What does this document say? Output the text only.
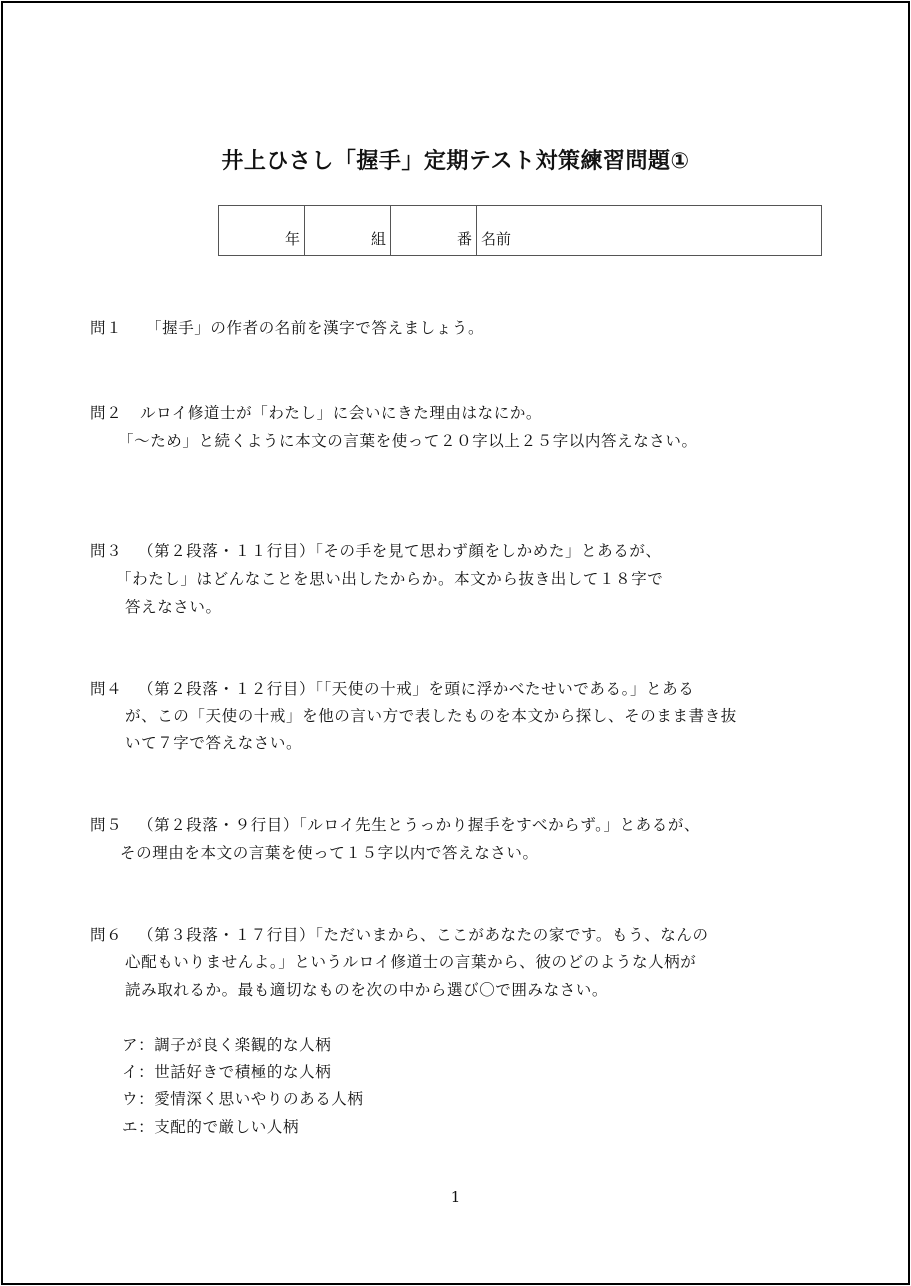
井上ひさし「握手」定期テスト対策練習問題①
年	組	番	名前
問１ 「握手」の作者の名前を漢字で答えましょう。
問２ ルロイ修道士が「わたし」に会いにきた理由はなにか。
「～ため」と続くように本文の言葉を使って２０字以上２５字以内答えなさい。
問３ （第２段落・１１行目）「その手を見て思わず顔をしかめた」とあるが、
「わたし」はどんなことを思い出したからか。本文から抜き出して１８字で
答えなさい。
問４ （第２段落・１２行目）「「天使の十戒」を頭に浮かべたせいである。」とある
が、この「天使の十戒」を他の言い方で表したものを本文から探し、そのまま書き抜
いて７字で答えなさい。
問５ （第２段落・９行目）「ルロイ先生とうっかり握手をすべからず。」とあるが、
その理由を本文の言葉を使って１５字以内で答えなさい。
問６ （第３段落・１７行目）「ただいまから、ここがあなたの家です。もう、なんの
心配もいりませんよ。」というルロイ修道士の言葉から、彼のどのような人柄が
読み取れるか。最も適切なものを次の中から選び〇で囲みなさい。
ア：調子が良く楽観的な人柄
イ：世話好きで積極的な人柄
ウ：愛情深く思いやりのある人柄
エ：支配的で厳しい人柄
1
